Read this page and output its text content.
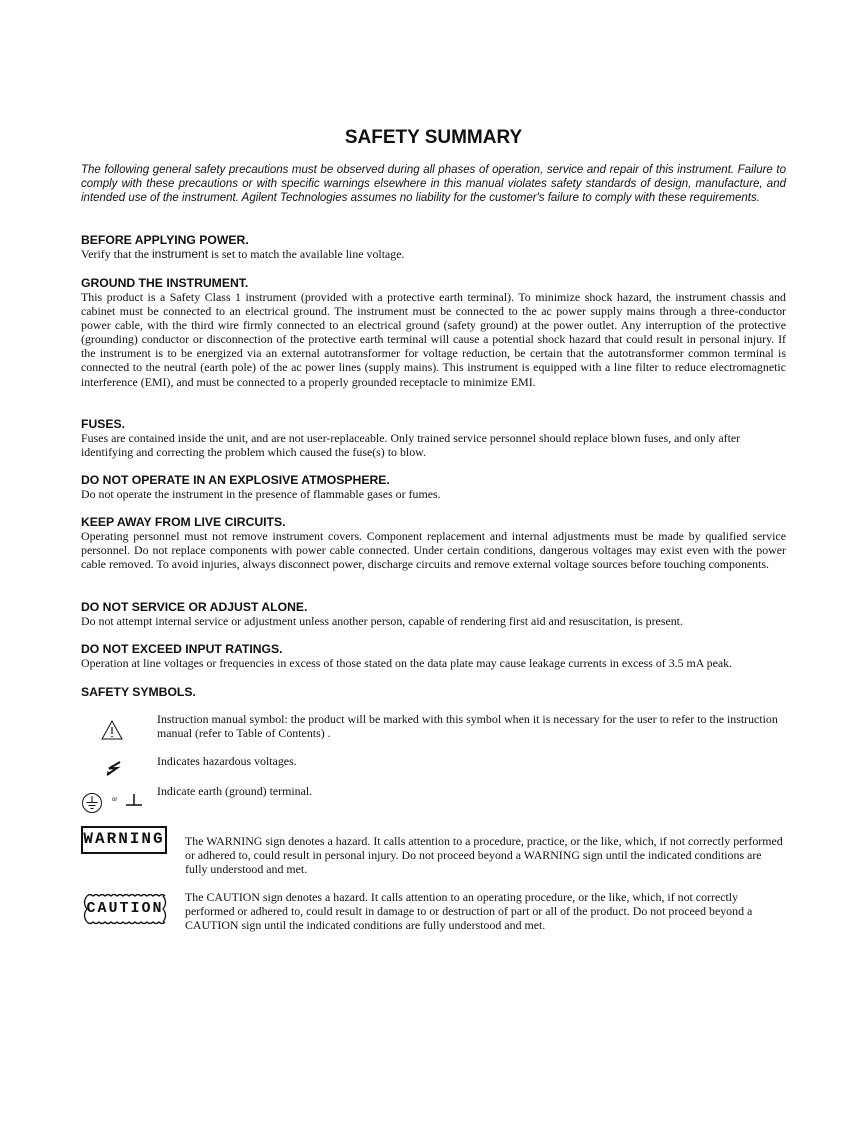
SAFETY SUMMARY

The following general safety precautions must be observed during all phases of operation, service and repair of this instrument. Failure to comply with these precautions or with specific warnings elsewhere in this manual violates safety standards of design, manufacture, and intended use of the instrument. Agilent Technologies assumes no liability for the customer's failure to comply with these requirements.

BEFORE APPLYING POWER.

Verify that the instrument is set to match the available line voltage.

GROUND THE INSTRUMENT.

This product is a Safety Class 1 instrument (provided with a protective earth terminal). To minimize shock hazard, the instrument chassis and cabinet must be connected to an electrical ground. The instrument must be connected to the ac power supply mains through a three-conductor power cable, with the third wire firmly connected to an electrical ground (safety ground) at the power outlet. Any interruption of the protective (grounding) conductor or disconnection of the protective earth terminal will cause a potential shock hazard that could result in personal injury. If the instrument is to be energized via an external autotransformer for voltage reduction, be certain that the autotransformer common terminal is connected to the neutral (earth pole) of the ac power lines (supply mains). This instrument is equipped with a line filter to reduce electromagnetic interference (EMI), and must be connected to a properly grounded receptacle to minimize EMI.

FUSES.

Fuses are contained inside the unit, and are not user-replaceable. Only trained service personnel should replace blown fuses, and only after identifying and correcting the problem which caused the fuse(s) to blow.

DO NOT OPERATE IN AN EXPLOSIVE ATMOSPHERE.

Do not operate the instrument in the presence of flammable gases or fumes.

KEEP AWAY FROM LIVE CIRCUITS.

Operating personnel must not remove instrument covers. Component replacement and internal adjustments must be made by qualified service personnel. Do not replace components with power cable connected. Under certain conditions, dangerous voltages may exist even with the power cable removed. To avoid injuries, always disconnect power, discharge circuits and remove external voltage sources before touching components.

DO NOT SERVICE OR ADJUST ALONE.

Do not attempt internal service or adjustment unless another person, capable of rendering first aid and resuscitation, is present.

DO NOT EXCEED INPUT RATINGS.

Operation at line voltages or frequencies in excess of those stated on the data plate may cause leakage currents in excess of 3.5 mA peak.

SAFETY SYMBOLS.

Instruction manual symbol: the product will be marked with this symbol when it is necessary for the user to refer to the instruction manual (refer to Table of Contents) .

Indicates hazardous voltages.

or

Indicate earth (ground) terminal.

WARNING The WARNING sign denotes a hazard. It calls attention to a procedure, practice, or the like, which, if not correctly performed or adhered to, could result in personal injury. Do not proceed beyond a WARNING sign until the indicated conditions are fully understood and met.

CAUTION

The CAUTION sign denotes a hazard. It calls attention to an operating procedure, or the like, which, if not correctly performed or adhered to, could result in damage to or destruction of part or all of the product. Do not proceed beyond a CAUTION sign until the indicated conditions are fully understood and met.
